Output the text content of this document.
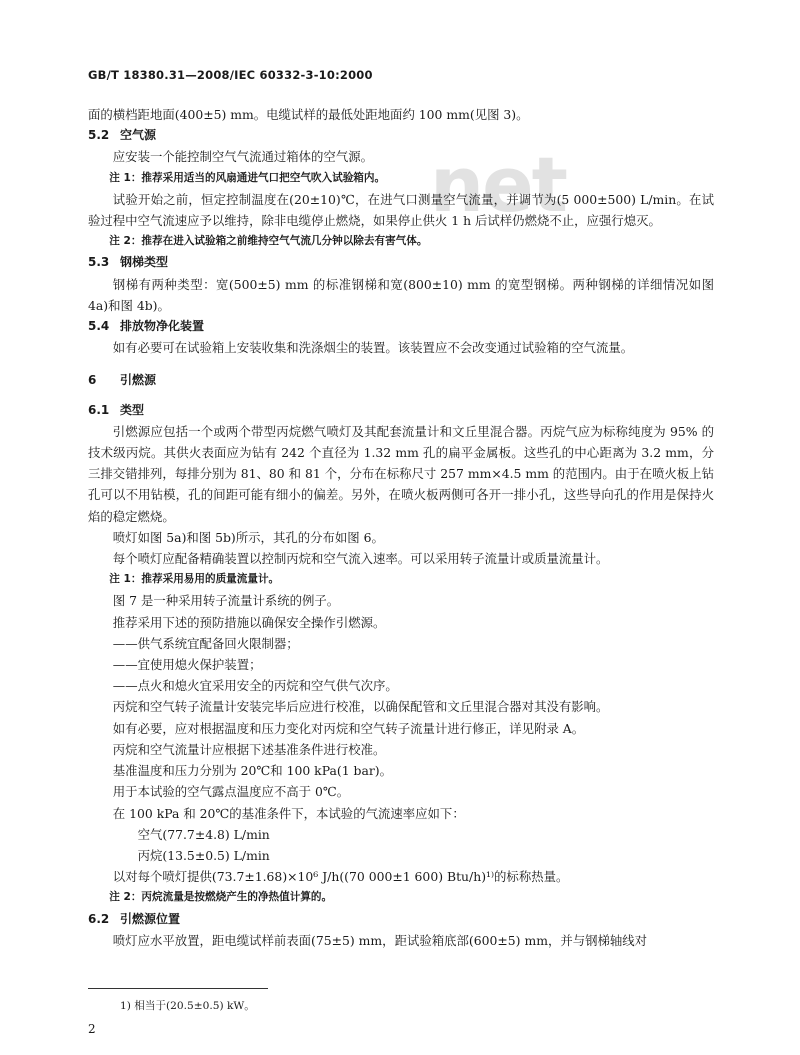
net
GB/T 18380.31—2008/IEC 60332-3-10:2000

面的横档距地面(400±5) mm。电缆试样的最低处距地面约 100 mm(见图 3)。

5.2 空气源

应安装一个能控制空气气流通过箱体的空气源。

注 1：推荐采用适当的风扇通进气口把空气吹入试验箱内。

试验开始之前，恒定控制温度在(20±10)℃，在进气口测量空气流量，并调节为(5 000±500) L/min。在试验过程中空气流速应予以维持，除非电缆停止燃烧，如果停止供火 1 h 后试样仍燃烧不止，应强行熄灭。

注 2：推荐在进入试验箱之前维持空气气流几分钟以除去有害气体。

5.3 钢梯类型

钢梯有两种类型：宽(500±5) mm 的标准钢梯和宽(800±10) mm 的宽型钢梯。两种钢梯的详细情况如图 4a)和图 4b)。

5.4 排放物净化装置

如有必要可在试验箱上安装收集和洗涤烟尘的装置。该装置应不会改变通过试验箱的空气流量。

6 引燃源
6.1 类型

引燃源应包括一个或两个带型丙烷燃气喷灯及其配套流量计和文丘里混合器。丙烷气应为标称纯度为 95% 的技术级丙烷。其供火表面应为钻有 242 个直径为 1.32 mm 孔的扁平金属板。这些孔的中心距离为 3.2 mm，分三排交错排列，每排分别为 81、80 和 81 个，分布在标称尺寸 257 mm×4.5 mm 的范围内。由于在喷火板上钻孔可以不用钻模，孔的间距可能有细小的偏差。另外，在喷火板两侧可各开一排小孔，这些导向孔的作用是保持火焰的稳定燃烧。

喷灯如图 5a)和图 5b)所示，其孔的分布如图 6。

每个喷灯应配备精确装置以控制丙烷和空气流入速率。可以采用转子流量计或质量流量计。

注 1：推荐采用易用的质量流量计。

图 7 是一种采用转子流量计系统的例子。

推荐采用下述的预防措施以确保安全操作引燃源。

——供气系统宜配备回火限制器；

——宜使用熄火保护装置；

——点火和熄火宜采用安全的丙烷和空气供气次序。

丙烷和空气转子流量计安装完毕后应进行校准，以确保配管和文丘里混合器对其没有影响。

如有必要，应对根据温度和压力变化对丙烷和空气转子流量计进行修正，详见附录 A。

丙烷和空气流量计应根据下述基准条件进行校准。

基准温度和压力分别为 20℃和 100 kPa(1 bar)。

用于本试验的空气露点温度应不高于 0℃。

在 100 kPa 和 20℃的基准条件下，本试验的气流速率应如下：

空气(77.7±4.8) L/min

丙烷(13.5±0.5) L/min

以对每个喷灯提供(73.7±1.68)×10⁶ J/h((70 000±1 600) Btu/h)¹⁾的标称热量。

注 2：丙烷流量是按燃烧产生的净热值计算的。

6.2 引燃源位置

喷灯应水平放置，距电缆试样前表面(75±5) mm，距试验箱底部(600±5) mm，并与钢梯轴线对

1) 相当于(20.5±0.5) kW。
2
